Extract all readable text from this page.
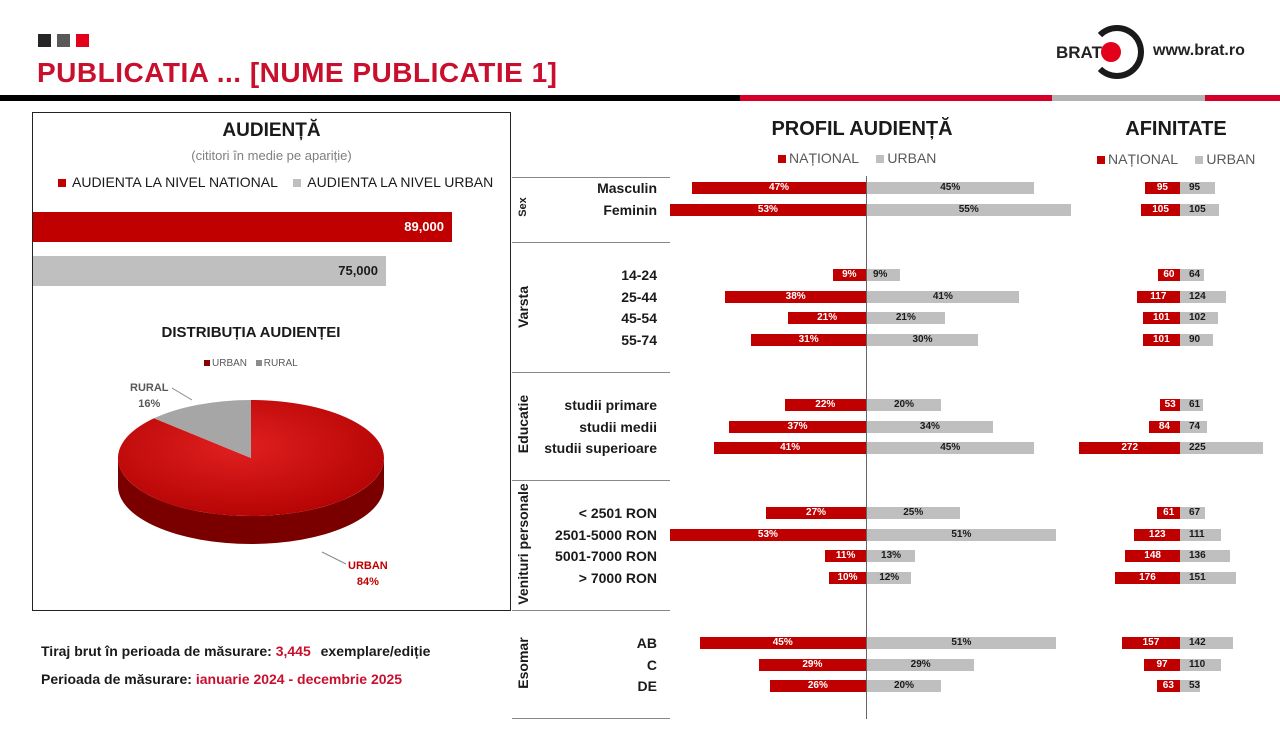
PUBLICATIA ... [NUME PUBLICATIE 1]
BRAT	www.brat.ro
AUDIENȚĂ
(cititori în medie pe apariție)
AUDIENTA LA NIVEL NATIONAL AUDIENTA LA NIVEL URBAN
89,000
75,000
DISTRIBUȚIA AUDIENȚEI
URBAN RURAL
RURAL
16%
URBAN
84%
Tiraj brut în perioada de măsurare: 3,445 exemplare/ediție
Perioada de măsurare: ianuarie 2024 - decembrie 2025
PROFIL AUDIENȚĂ
NAȚIONAL URBAN
AFINITATE
NAȚIONAL URBAN
Sex
Masculin	47%	45%	95	95
Feminin	53%	55%	105	105
Varsta
14-24	9%	9%	60	64
25-44	38%	41%	117	124
45-54	21%	21%	101	102
55-74	31%	30%	101	90
Educatie studii primare	22%	20%	53	61
studii medii	37%	34%	84	74
studii superioare	41%	45%	272	225
Venituri personale	< 2501 RON	27%	25%	61	67
2501-5000 RON	53%	51%	123	111
5001-7000 RON	11%	13%	148	136
> 7000 RON	10%	12%	176	151
Esomar	AB	45%	51%	157	142
C	29%	29%	97	110
DE	26%	20%	63	53
